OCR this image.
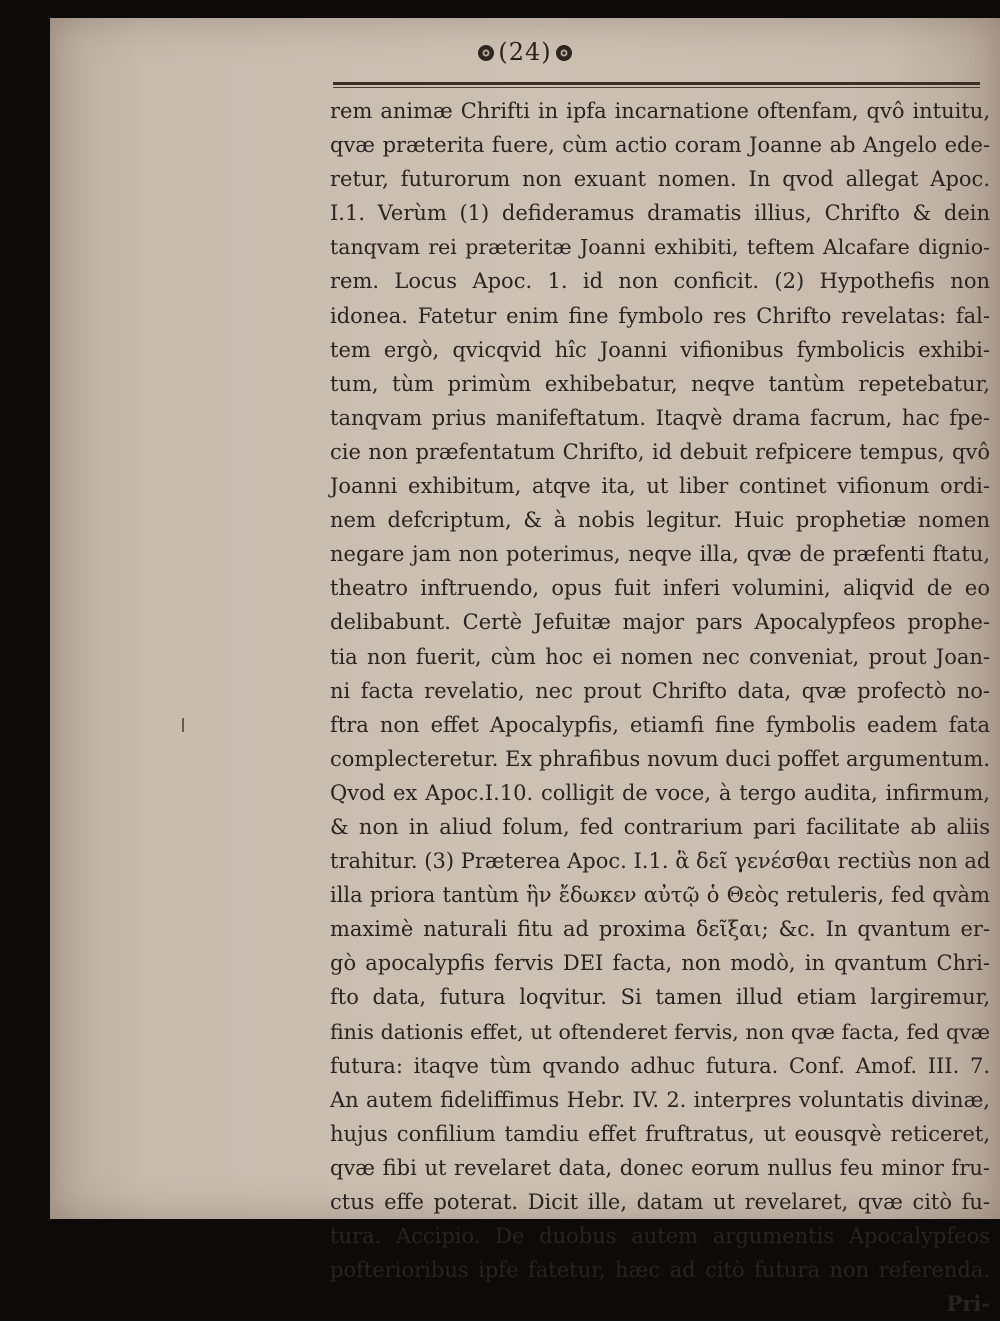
(24)
rem animæ Chrifti in ipfa incarnatione oftenfam, qvô intuitu,
qvæ præterita fuere, cùm actio coram Joanne ab Angelo ede-
retur, futurorum non exuant nomen. In qvod allegat Apoc.
I.1. Verùm (1) defideramus dramatis illius, Chrifto & dein
tanqvam rei præteritæ Joanni exhibiti, teftem Alcafare dignio-
rem. Locus Apoc. 1. id non conficit. (2) Hypothefis non
idonea. Fatetur enim fine fymbolo res Chrifto revelatas: fal-
tem ergò, qvicqvid hîc Joanni vifionibus fymbolicis exhibi-
tum, tùm primùm exhibebatur, neqve tantùm repetebatur,
tanqvam prius manifeftatum. Itaqvè drama facrum, hac fpe-
cie non præfentatum Chrifto, id debuit refpicere tempus, qvô
Joanni exhibitum, atqve ita, ut liber continet vifionum ordi-
nem defcriptum, & à nobis legitur. Huic prophetiæ nomen
negare jam non poterimus, neqve illa, qvæ de præfenti ftatu,
theatro inftruendo, opus fuit inferi volumini, aliqvid de eo
delibabunt. Certè Jefuitæ major pars Apocalypfeos prophe-
tia non fuerit, cùm hoc ei nomen nec conveniat, prout Joan-
ni facta revelatio, nec prout Chrifto data, qvæ profectò no-
ftra non effet Apocalypfis, etiamfi fine fymbolis eadem fata
complecteretur. Ex phrafibus novum duci poffet argumentum.
Qvod ex Apoc.I.10. colligit de voce, à tergo audita, infirmum,
& non in aliud folum, fed contrarium pari facilitate ab aliis
trahitur. (3) Præterea Apoc. I.1. ἃ δεῖ γενέσθαι rectiùs non ad
illa priora tantùm ἣν ἔδωκεν αὐτῷ ὁ Θεὸς retuleris, fed qvàm
maximè naturali fitu ad proxima δεῖξαι; &c. In qvantum er-
gò apocalypfis fervis DEI facta, non modò, in qvantum Chri-
fto data, futura loqvitur. Si tamen illud etiam largiremur,
finis dationis effet, ut oftenderet fervis, non qvæ facta, fed qvæ
futura: itaqve tùm qvando adhuc futura. Conf. Amof. III. 7.
An autem fideliffimus Hebr. IV. 2. interpres voluntatis divinæ,
hujus confilium tamdiu effet fruftratus, ut eousqvè reticeret,
qvæ fibi ut revelaret data, donec eorum nullus feu minor fru-
ctus effe poterat. Dicit ille, datam ut revelaret, qvæ citò fu-
tura. Accipio. De duobus autem argumentis Apocalypfeos
pofterioribus ipfe fatetur, hæc ad citò futura non referenda.
Pri-
